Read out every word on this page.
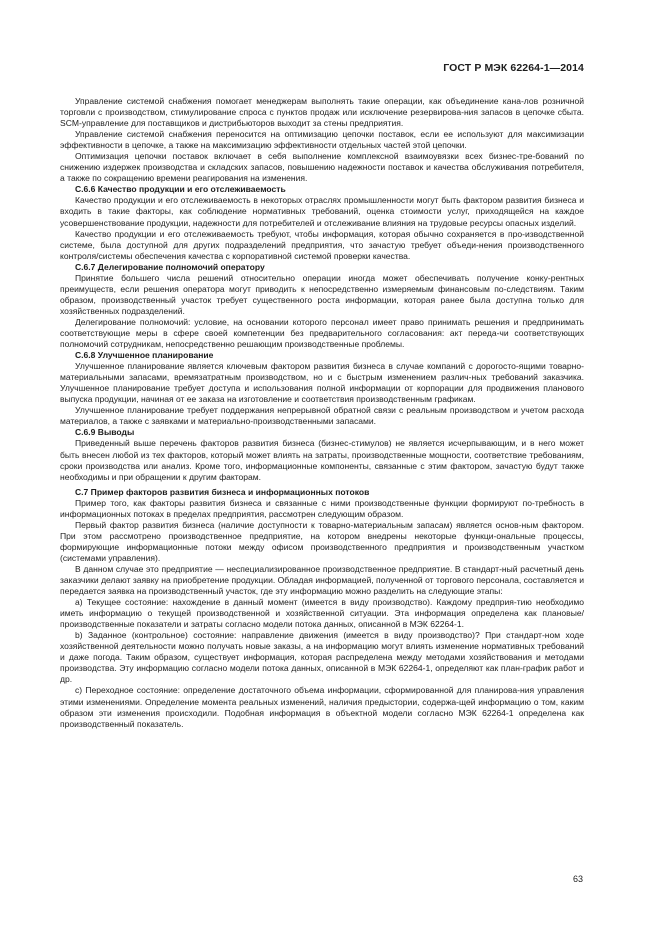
ГОСТ Р МЭК 62264-1—2014

Управление системой снабжения помогает менеджерам выполнять такие операции, как объединение кана-лов розничной торговли с производством, стимулирование спроса с пунктов продаж или исключение резервирова-ния запасов в цепочке сбыта. SCM-управление для поставщиков и дистрибьюторов выходит за стены предприятия.

Управление системой снабжения переносится на оптимизацию цепочки поставок, если ее используют для максимизации эффективности в цепочке, а также на максимизацию эффективности отдельных частей этой цепочки.

Оптимизация цепочки поставок включает в себя выполнение комплексной взаимоувязки всех бизнес-тре-бований по снижению издержек производства и складских запасов, повышению надежности поставок и качества обслуживания потребителя, а также по сокращению времени реагирования на изменения.

С.6.6 Качество продукции и его отслеживаемость

Качество продукции и его отслеживаемость в некоторых отраслях промышленности могут быть фактором развития бизнеса и входить в такие факторы, как соблюдение нормативных требований, оценка стоимости услуг, приходящейся на каждое усовершенствование продукции, надежности для потребителей и отслеживание влияния на трудовые ресурсы опасных изделий.

Качество продукции и его отслеживаемость требуют, чтобы информация, которая обычно сохраняется в про-изводственной системе, была доступной для других подразделений предприятия, что зачастую требует объеди-нения производственного контроля/системы обеспечения качества с корпоративной системой проверки качества.

С.6.7 Делегирование полномочий оператору

Принятие большего числа решений относительно операции иногда может обеспечивать получение конку-рентных преимуществ, если решения оператора могут приводить к непосредственно измеряемым финансовым по-следствиям. Таким образом, производственный участок требует существенного роста информации, которая ранее была доступна только для хозяйственных подразделений.

Делегирование полномочий: условие, на основании которого персонал имеет право принимать решения и предпринимать соответствующие меры в сфере своей компетенции без предварительного согласования: акт переда-чи соответствующих полномочий сотрудникам, непосредственно решающим производственные проблемы.

С.6.8 Улучшенное планирование

Улучшенное планирование является ключевым фактором развития бизнеса в случае компаний с дорогосто-ящими товарно-материальными запасами, времязатратным производством, но и с быстрым изменением различ-ных требований заказчика. Улучшенное планирование требует доступа и использования полной информации от корпорации для продвижения планового выпуска продукции, начиная от ее заказа на изготовление и соответствия производственным графикам.

Улучшенное планирование требует поддержания непрерывной обратной связи с реальным производством и учетом расхода материалов, а также с заявками и материально-производственными запасами.

С.6.9 Выводы

Приведенный выше перечень факторов развития бизнеса (бизнес-стимулов) не является исчерпывающим, и в него может быть внесен любой из тех факторов, который может влиять на затраты, производственные мощности, соответствие требованиям, сроки производства или анализ. Кроме того, информационные компоненты, связанные с этим фактором, зачастую будут также необходимы и при обращении к другим факторам.

С.7 Пример факторов развития бизнеса и информационных потоков

Пример того, как факторы развития бизнеса и связанные с ними производственные функции формируют по-требность в информационных потоках в пределах предприятия, рассмотрен следующим образом.

Первый фактор развития бизнеса (наличие доступности к товарно-материальным запасам) является основ-ным фактором. При этом рассмотрено производственное предприятие, на котором внедрены некоторые функци-ональные процессы, формирующие информационные потоки между офисом производственного предприятия и производственным участком (системами управления).

В данном случае это предприятие — неспециализированное производственное предприятие. В стандарт-ный расчетный день заказчики делают заявку на приобретение продукции. Обладая информацией, полученной от торгового персонала, составляется и передается заявка на производственный участок, где эту информацию можно разделить на следующие этапы:

а) Текущее состояние: нахождение в данный момент (имеется в виду производство). Каждому предприя-тию необходимо иметь информацию о текущей производственной и хозяйственной ситуации. Эта информация определена как плановые/производственные показатели и затраты согласно модели потока данных, описанной в МЭК 62264-1.

b) Заданное (контрольное) состояние: направление движения (имеется в виду производство)? При стандарт-ном ходе хозяйственной деятельности можно получать новые заказы, а на информацию могут влиять изменение нормативных требований и даже погода. Таким образом, существует информация, которая распределена между методами хозяйствования и методами производства. Эту информацию согласно модели потока данных, описанной в МЭК 62264-1, определяют как план-график работ и др.

с) Переходное состояние: определение достаточного объема информации, сформированной для планирова-ния управления этими изменениями. Определение момента реальных изменений, наличия предыстории, содержа-щей информацию о том, каким образом эти изменения происходили. Подобная информация в объектной модели согласно МЭК 62264-1 определена как производственный показатель.

63
